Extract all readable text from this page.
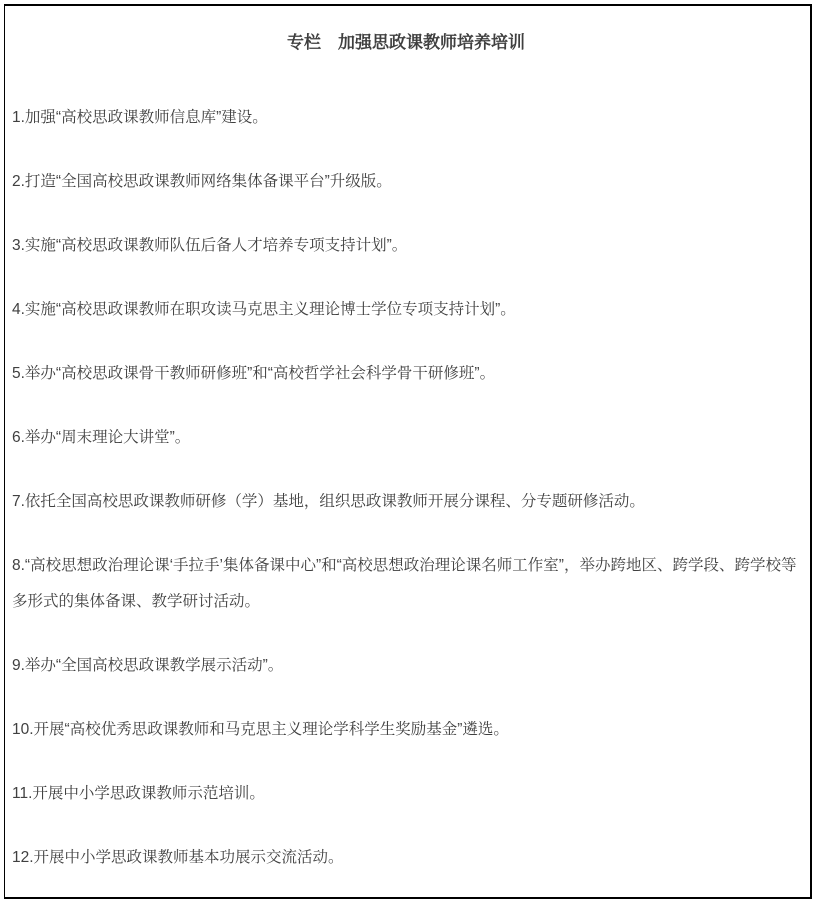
专栏　加强思政课教师培养培训

1.加强“高校思政课教师信息库”建设。

2.打造“全国高校思政课教师网络集体备课平台”升级版。

3.实施“高校思政课教师队伍后备人才培养专项支持计划”。

4.实施“高校思政课教师在职攻读马克思主义理论博士学位专项支持计划”。

5.举办“高校思政课骨干教师研修班”和“高校哲学社会科学骨干研修班”。

6.举办“周末理论大讲堂”。

7.依托全国高校思政课教师研修（学）基地，组织思政课教师开展分课程、分专题研修活动。

8.“高校思想政治理论课‘手拉手’集体备课中心”和“高校思想政治理论课名师工作室”，举办跨地区、跨学段、跨学校等多形式的集体备课、教学研讨活动。

9.举办“全国高校思政课教学展示活动”。

10.开展“高校优秀思政课教师和马克思主义理论学科学生奖励基金”遴选。

11.开展中小学思政课教师示范培训。

12.开展中小学思政课教师基本功展示交流活动。
